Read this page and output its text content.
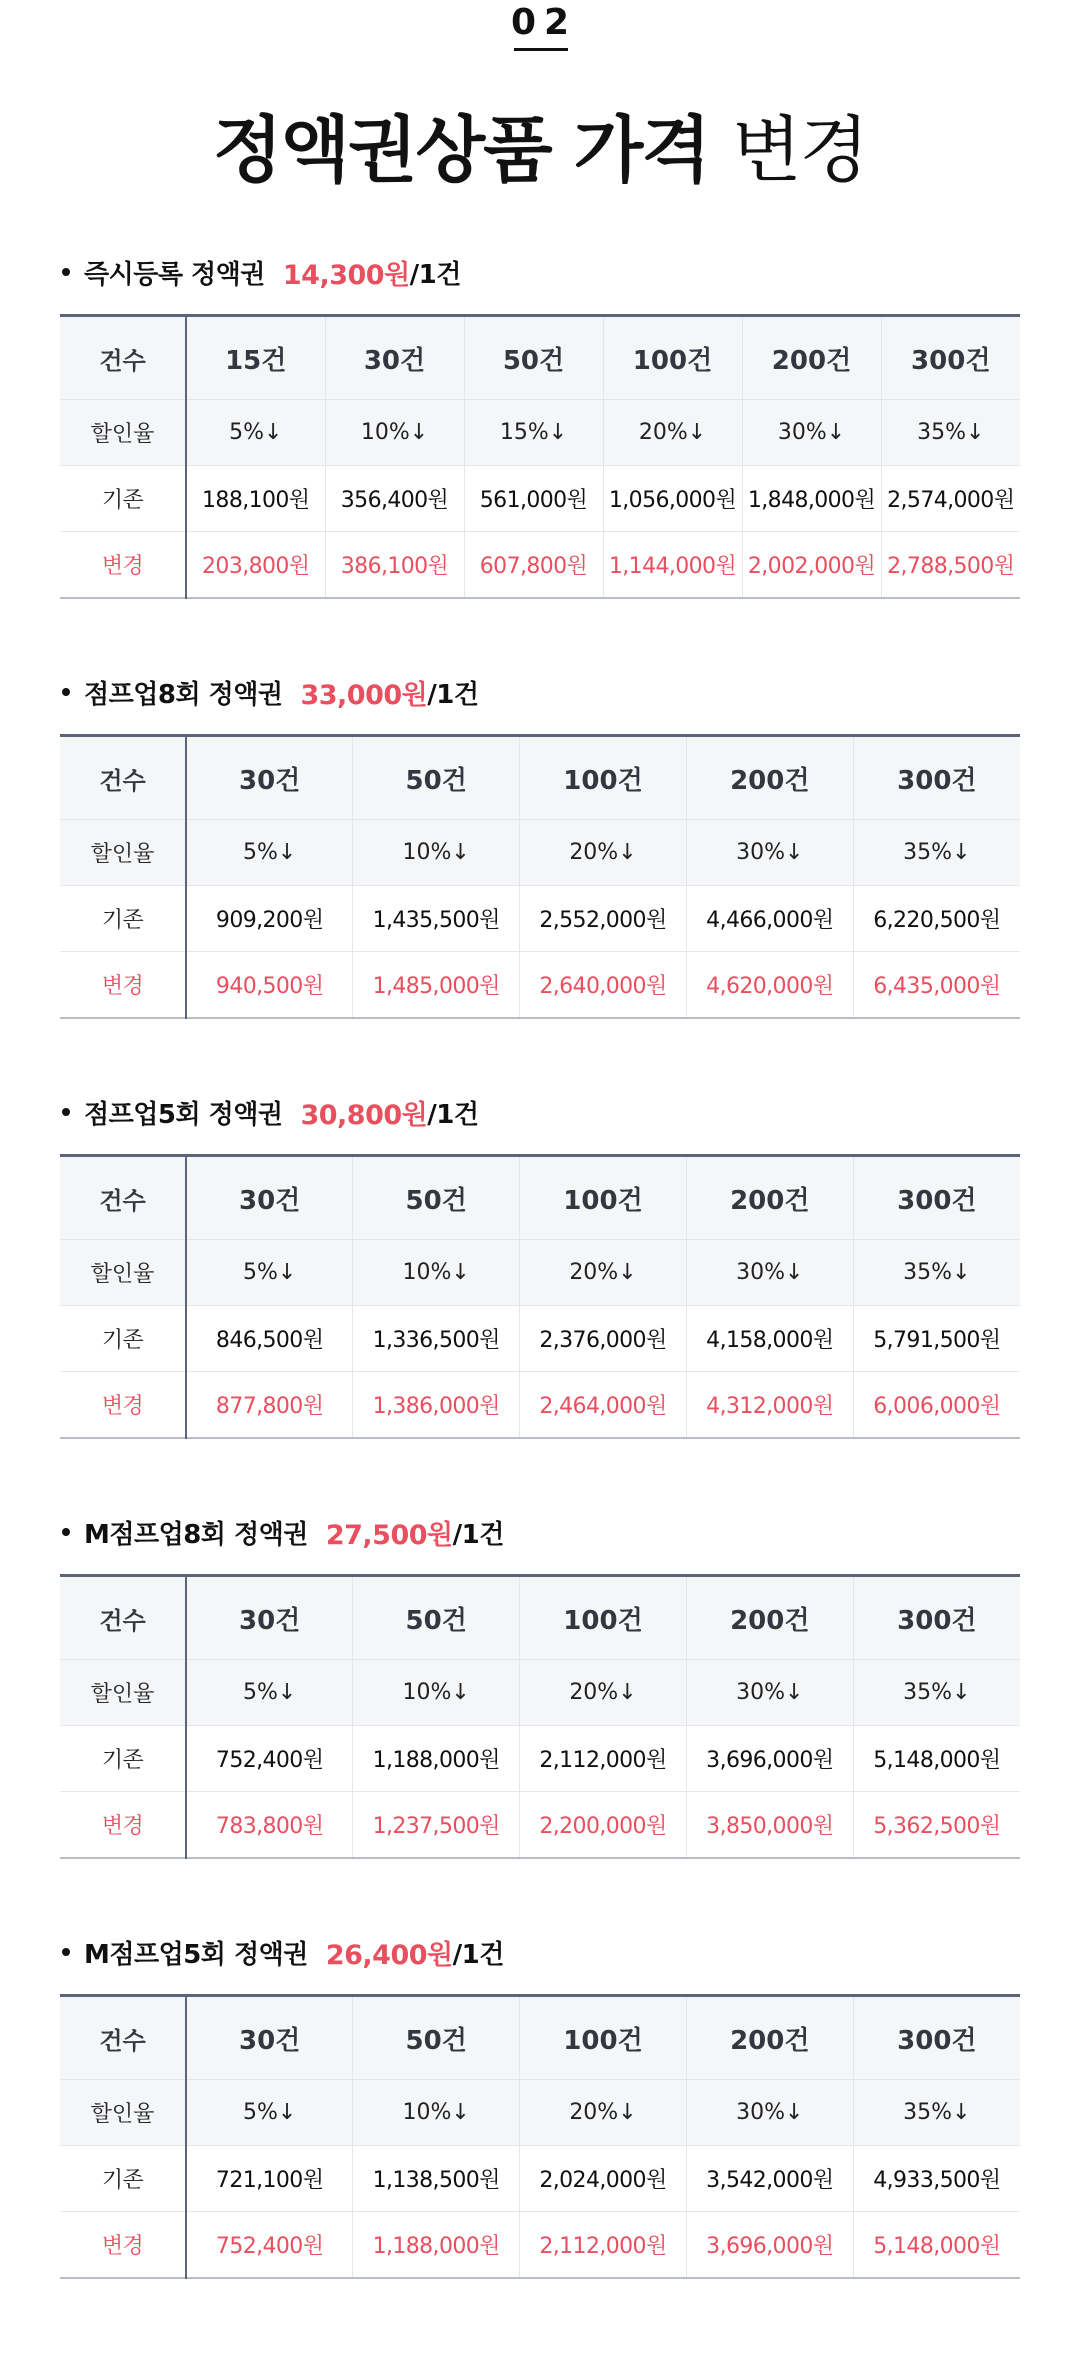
02
정액권상품 가격 변경
즉시등록 정액권 14,300원 /1건
건수	15건	30건	50건	100건	200건	300건
할인율	5%↓	10%↓	15%↓	20%↓	30%↓	35%↓
기존	188,100원	356,400원	561,000원	1,056,000원	1,848,000원	2,574,000원
변경	203,800원	386,100원	607,800원	1,144,000원	2,002,000원	2,788,500원
점프업8회 정액권 33,000원 /1건
건수	30건	50건	100건	200건	300건
할인율	5%↓	10%↓	20%↓	30%↓	35%↓
기존	909,200원	1,435,500원	2,552,000원	4,466,000원	6,220,500원
변경	940,500원	1,485,000원	2,640,000원	4,620,000원	6,435,000원
점프업5회 정액권 30,800원 /1건
건수	30건	50건	100건	200건	300건
할인율	5%↓	10%↓	20%↓	30%↓	35%↓
기존	846,500원	1,336,500원	2,376,000원	4,158,000원	5,791,500원
변경	877,800원	1,386,000원	2,464,000원	4,312,000원	6,006,000원
M점프업8회 정액권 27,500원 /1건
건수	30건	50건	100건	200건	300건
할인율	5%↓	10%↓	20%↓	30%↓	35%↓
기존	752,400원	1,188,000원	2,112,000원	3,696,000원	5,148,000원
변경	783,800원	1,237,500원	2,200,000원	3,850,000원	5,362,500원
M점프업5회 정액권 26,400원 /1건
건수	30건	50건	100건	200건	300건
할인율	5%↓	10%↓	20%↓	30%↓	35%↓
기존	721,100원	1,138,500원	2,024,000원	3,542,000원	4,933,500원
변경	752,400원	1,188,000원	2,112,000원	3,696,000원	5,148,000원
